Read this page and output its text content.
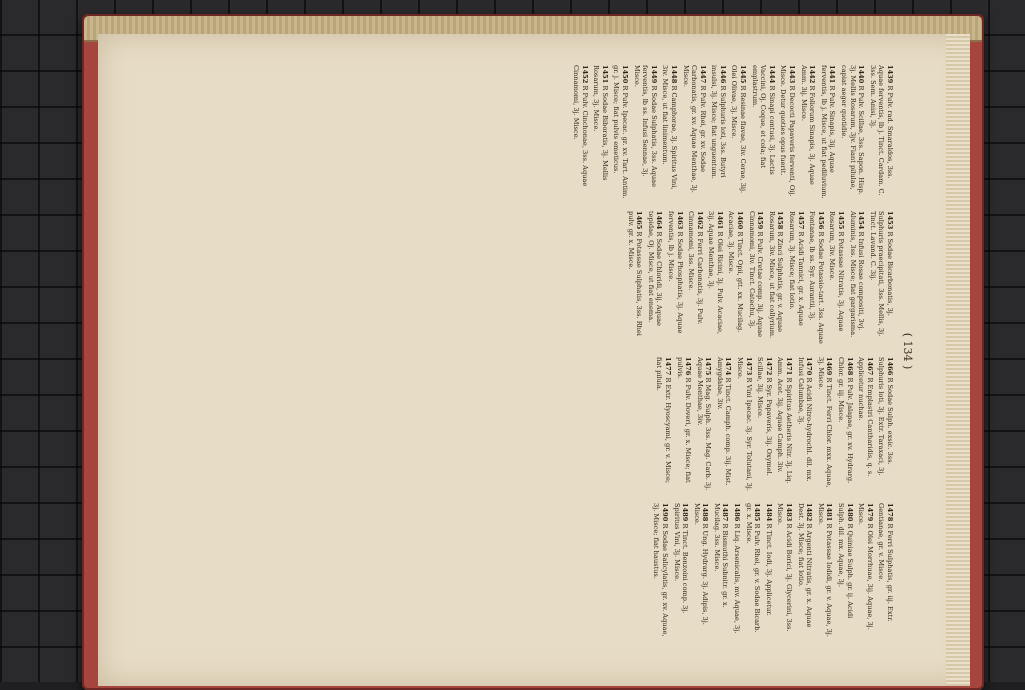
( 134 )

1439 R Pulv. rad. Smaraldos, 3ss. Aquae ferventis, lb j. Tinct. Cardam. C. 3ss. Sem. Anisi, 3j.

1440 R Pulv. Scillae, 3ss. Sapon. Hisp. 3j. Mellis Rosarum, 3jv. Fiant pilulae, capiat aeger quotidie.

1441 R Pulv. Sinapis, 3ij. Aquae ferventis, lb j. Misce, ut fiat pediluvium.

1442 R Foliorum Sinapis, 3j. Aquae Amm. 3ij. Misce.

1443 R Decocti Papaveris ferventi, Oij. Misce. Detur quoties opus fuerit.

1444 R Sinapi contusi, 3j. Lactis Vaccini, Oj. Coque, et cola; fiat emplastrum.

1445 R Resinae flavae, 3iv. Cerae, 3ij. Olei Olivae, 3j. Misce.

1446 R Sulphuris loti, 3ss. Butyri insulsi, 3j. Misce; fiat unguentum.

1447 R Pulv. Rhei, gr. xv. Sodae Carbonatis, gr. xv. Aquae Menthae, 3j. Misce.

1448 R Camphorae, 3j. Spiritus Vini, 3iv. Misce, ut fiat linimentum.

1449 R Sodae Sulphatis, 3ss. Aquae ferventis, lb ss. Infusi Sennae, 3j. Misce.

1450 R Pulv. Ipecac. gr. xv. Tart. Antim. gr. j. Misce; fiat pulvis emeticus.

1451 R Sodae Biboratis, 3j. Mellis Rosarum, 3j. Misce.

1452 R Pulv. Cinchonae, 3ss. Aquae Cinnamomi, 3j. Misce.

1453 R Sodae Bicarbonatis, 3j. Sulphuris praecipitati, 3ss. Mellis, 3j. Tinct. Lavand. C. 3ij.

1454 R Infusi Rosae compositi, 3vj. Aluminis, 3ss. Misce; fiat gargarisma.

1455 R Potassae Nitratis, 3j. Aquae Rosarum, 3iv. Misce.

1456 R Sodae Potassio-tart. 3ss. Aquae Fontanae, lb ss. Syr. Aurantii, 3j.

1457 R Acidi Tannici, gr. x. Aquae Rosarum, 3j. Misce; fiat lotio.

1458 R Zinci Sulphatis, gr. v. Aquae Rosarum, 3iv. Misce, ut fiat collyrium.

1459 R Pulv. Cretae comp. 3ij. Aquae Cinnamomi, 3iv. Tinct. Catechu, 3j.

1460 R Tinct. Opii, gtt. xx. Mucilag. Acaciae, 3j. Misce.

1461 R Olei Ricini, 3j. Pulv. Acaciae, 3ij. Aquae Menthae, 3j.

1462 R Ferri Carbonatis, 3j. Pulv. Cinnamomi, 3ss. Misce.

1463 R Sodae Phosphatis, 3j. Aquae ferventis, lb j. Misce.

1464 R Sodae Chloridi, 3ij. Aquae tepidae, Oj. Misce, ut fiat enema.

1465 R Potassae Sulphatis, 3ss. Rhei pulv. gr. x. Misce.

1466 R Sodae Sulph. exsic. 3ss. Sulphuris loti, 3j. Extr. Taraxaci, 3j.

1467 R Emplastri Cantharidis, q. s. Applicetur nuchae.

1468 R Pulv. Jalapae, gr. xv. Hydrarg. Chlor. gr. iij. Misce.

1469 R Tinct. Ferri Chlor. mxx. Aquae, 3j. Misce.

1470 R Acidi Nitro-hydrochl. dil. mx. Infusi Calumbae, 3j.

1471 R Spiritus Aetheris Nitr. 3j. Liq. Amm. Acet. 3ij. Aquae Camph. 3iv.

1472 R Syr. Papaveris, 3ij. Oxymel. Scillae, 3ij. Misce.

1473 R Vini Ipecac. 3j. Syr. Tolutani, 3j. Misce.

1474 R Tinct. Camph. comp. 3ij. Mist. Amygdalae, 3iv.

1475 R Mag. Sulph. 3ss. Mag. Carb. 3j. Aquae Menthae, 3iv.

1476 R Pulv. Doveri, gr. x. Misce; fiat pulvis.

1477 R Extr. Hyoscyami, gr. v. Misce; fiat pilula.

1478 R Ferri Sulphatis, gr. iij. Extr. Gentianae, gr. v. Misce.

1479 R Olei Morrhuae, 3ij. Aquae, 3j. Misce.

1480 R Quiniae Sulph. gr. ij. Acidi Sulph. dil. mx. Aquae, 3j.

1481 R Potassae Iodidi, gr. v. Aquae, 3j. Misce.

1482 R Argenti Nitratis, gr. x. Aquae Dest. 3j. Misce; fiat lotio.

1483 R Acidi Borici, 3j. Glycerini, 3ss. Misce.

1484 R Tinct. Iodi, 3j. Applicetur.

1485 R Pulv. Rhei, gr. v. Sodae Bicarb. gr. x. Misce.

1486 R Liq. Arsenicalis, mv. Aquae, 3j.

1487 R Bismuthi Subnitr. gr. x. Mucilag. 3ss. Misce.

1488 R Ung. Hydrarg. 3j. Adipis, 3j. Misce.

1489 R Tinct. Benzoini comp. 3j. Spiritus Vini, 3j. Misce.

1490 R Sodae Salicylatis, gr. xv. Aquae, 3j. Misce; fiat haustus.
